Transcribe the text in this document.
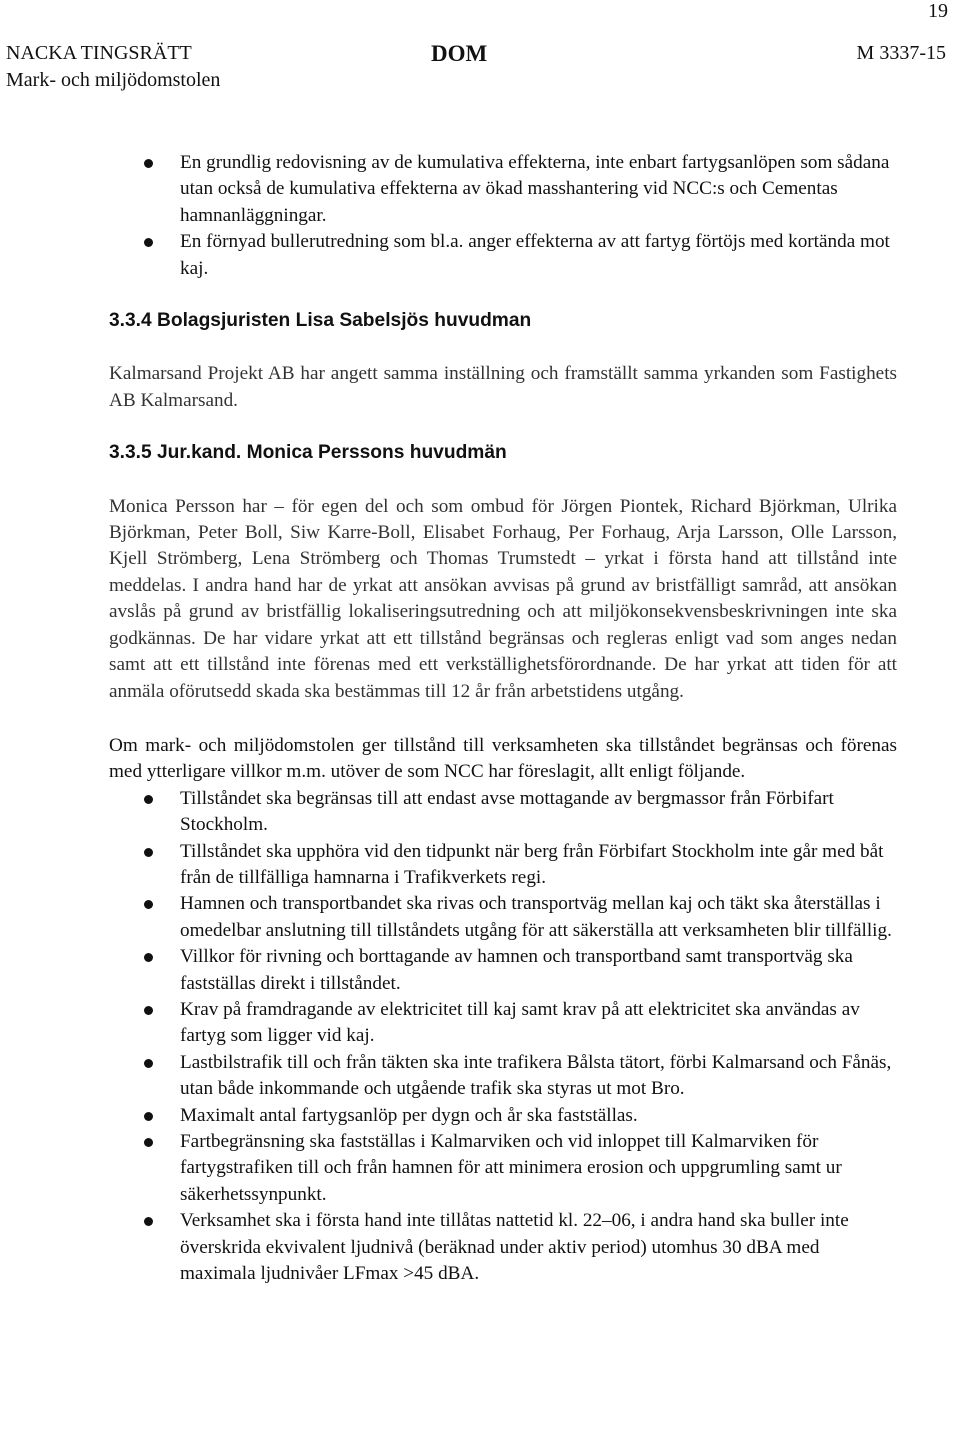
19
NACKA TINGSRÄTT
Mark- och miljödomstolen
DOM	M 3337-15
En grundlig redovisning av de kumulativa effekterna, inte enbart fartygsanlöpen som sådana utan också de kumulativa effekterna av ökad masshantering vid NCC:s och Cementas hamnanläggningar.
En förnyad bullerutredning som bl.a. anger effekterna av att fartyg förtöjs med kortända mot kaj.
3.3.4 Bolagsjuristen Lisa Sabelsjös huvudman

Kalmarsand Projekt AB har angett samma inställning och framställt samma yrkanden som Fastighets AB Kalmarsand.

3.3.5 Jur.kand. Monica Perssons huvudmän

Monica Persson har – för egen del och som ombud för Jörgen Piontek, Richard Björkman, Ulrika Björkman, Peter Boll, Siw Karre-Boll, Elisabet Forhaug, Per Forhaug, Arja Larsson, Olle Larsson, Kjell Strömberg, Lena Strömberg och Thomas Trumstedt – yrkat i första hand att tillstånd inte meddelas. I andra hand har de yrkat att ansökan avvisas på grund av bristfälligt samråd, att ansökan avslås på grund av bristfällig lokaliseringsutredning och att miljökonsekvensbeskrivningen inte ska godkännas. De har vidare yrkat att ett tillstånd begränsas och regleras enligt vad som anges nedan samt att ett tillstånd inte förenas med ett verkställighetsförordnande. De har yrkat att tiden för att anmäla oförutsedd skada ska bestämmas till 12 år från arbetstidens utgång.

Om mark- och miljödomstolen ger tillstånd till verksamheten ska tillståndet begränsas och förenas med ytterligare villkor m.m. utöver de som NCC har föreslagit, allt enligt följande.

Tillståndet ska begränsas till att endast avse mottagande av bergmassor från Förbifart Stockholm.
Tillståndet ska upphöra vid den tidpunkt när berg från Förbifart Stockholm inte går med båt från de tillfälliga hamnarna i Trafikverkets regi.
Hamnen och transportbandet ska rivas och transportväg mellan kaj och täkt ska återställas i omedelbar anslutning till tillståndets utgång för att säkerställa att verksamheten blir tillfällig.
Villkor för rivning och borttagande av hamnen och transportband samt transportväg ska fastställas direkt i tillståndet.
Krav på framdragande av elektricitet till kaj samt krav på att elektricitet ska användas av fartyg som ligger vid kaj.
Lastbilstrafik till och från täkten ska inte trafikera Bålsta tätort, förbi Kalmarsand och Fånäs, utan både inkommande och utgående trafik ska styras ut mot Bro.
Maximalt antal fartygsanlöp per dygn och år ska fastställas.
Fartbegränsning ska fastställas i Kalmarviken och vid inloppet till Kalmarviken för fartygstrafiken till och från hamnen för att minimera erosion och uppgrumling samt ur säkerhetssynpunkt.
Verksamhet ska i första hand inte tillåtas nattetid kl. 22–06, i andra hand ska buller inte överskrida ekvivalent ljudnivå (beräknad under aktiv period) utomhus 30 dBA med maximala ljudnivåer LFmax >45 dBA.
